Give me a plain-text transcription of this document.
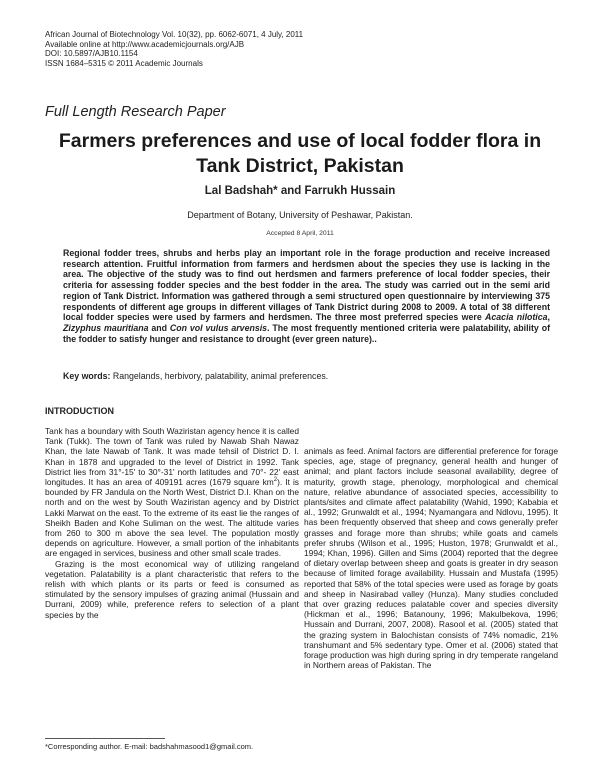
African Journal of Biotechnology Vol. 10(32), pp. 6062-6071, 4 July, 2011
Available online at http://www.academicjournals.org/AJB
DOI: 10.5897/AJB10.1154
ISSN 1684–5315 © 2011 Academic Journals
Full Length Research Paper
Farmers preferences and use of local fodder flora in Tank District, Pakistan
Lal Badshah* and Farrukh Hussain
Department of Botany, University of Peshawar, Pakistan.
Accepted 8 April, 2011
Regional fodder trees, shrubs and herbs play an important role in the forage production and receive increased research attention. Fruitful information from farmers and herdsmen about the species they use is lacking in the area. The objective of the study was to find out herdsmen and farmers preference of local fodder species, their criteria for assessing fodder species and the best fodder in the area. The study was carried out in the semi arid region of Tank District. Information was gathered through a semi structured open questionnaire by interviewing 375 respondents of different age groups in different villages of Tank District during 2008 to 2009. A total of 38 different local fodder species were used by farmers and herdsmen. The three most preferred species were Acacia nilotica, Zizyphus mauritiana and Con vol vulus arvensis. The most frequently mentioned criteria were palatability, ability of the fodder to satisfy hunger and resistance to drought (ever green nature)..
Key words: Rangelands, herbivory, palatability, animal preferences.
INTRODUCTION

Tank has a boundary with South Waziristan agency hence it is called Tank (Tukk). The town of Tank was ruled by Nawab Shah Nawaz Khan, the late Nawab of Tank. It was made tehsil of District D. I. Khan in 1878 and upgraded to the level of District in 1992. Tank District lies from 31°-15' to 30°-31' north latitudes and 70°- 22' east longitudes. It has an area of 409191 acres (1679 square $km^2$). It is bounded by FR Jandula on the North West, District D.I. Khan on the north and on the west by South Waziristan agency and by District Lakki Marwat on the east. To the extreme of its east lie the ranges of Sheikh Baden and Kohe Suliman on the west. The altitude varies from 260 to 300 m above the sea level. The population mostly depends on agriculture. However, a small portion of the inhabitants are engaged in services, business and other small scale trades.

Grazing is the most economical way of utilizing rangeland vegetation. Palatability is a plant characteristic that refers to the relish with which plants or its parts or feed is consumed as stimulated by the sensory impulses of grazing animal (Hussain and Durrani, 2009) while, preference refers to selection of a plant species by the

animals as feed. Animal factors are differential preference for forage species, age, stage of pregnancy, general health and hunger of animal; and plant factors include seasonal availability, degree of maturity, growth stage, phenology, morphological and chemical nature, relative abundance of associated species, accessibility to plants/sites and climate affect palatability (Wahid, 1990; Kababia et al., 1992; Grunwaldt et al., 1994; Nyamangara and Ndlovu, 1995). It has been frequently observed that sheep and cows generally prefer grasses and forage more than shrubs; while goats and camels prefer shrubs (Wilson et al., 1995; Huston, 1978; Grunwaldt et al., 1994; Khan, 1996). Gillen and Sims (2004) reported that the degree of dietary overlap between sheep and goats is greater in dry season because of limited forage availability. Hussain and Mustafa (1995) reported that 58% of the total species were used as forage by goats and sheep in Nasirabad valley (Hunza). Many studies concluded that over grazing reduces palatable cover and species diversity (Hickman et al., 1996; Batanouny, 1996; Makulbekova, 1996; Hussain and Durrani, 2007, 2008). Rasool et al. (2005) stated that the grazing system in Balochistan consists of 74% nomadic, 21% transhumant and 5% sedentary type. Omer et al. (2006) stated that forage production was high during spring in dry temperate rangeland in Northern areas of Pakistan. The

*Corresponding author. E-mail: badshahmasood1@gmail.com.
